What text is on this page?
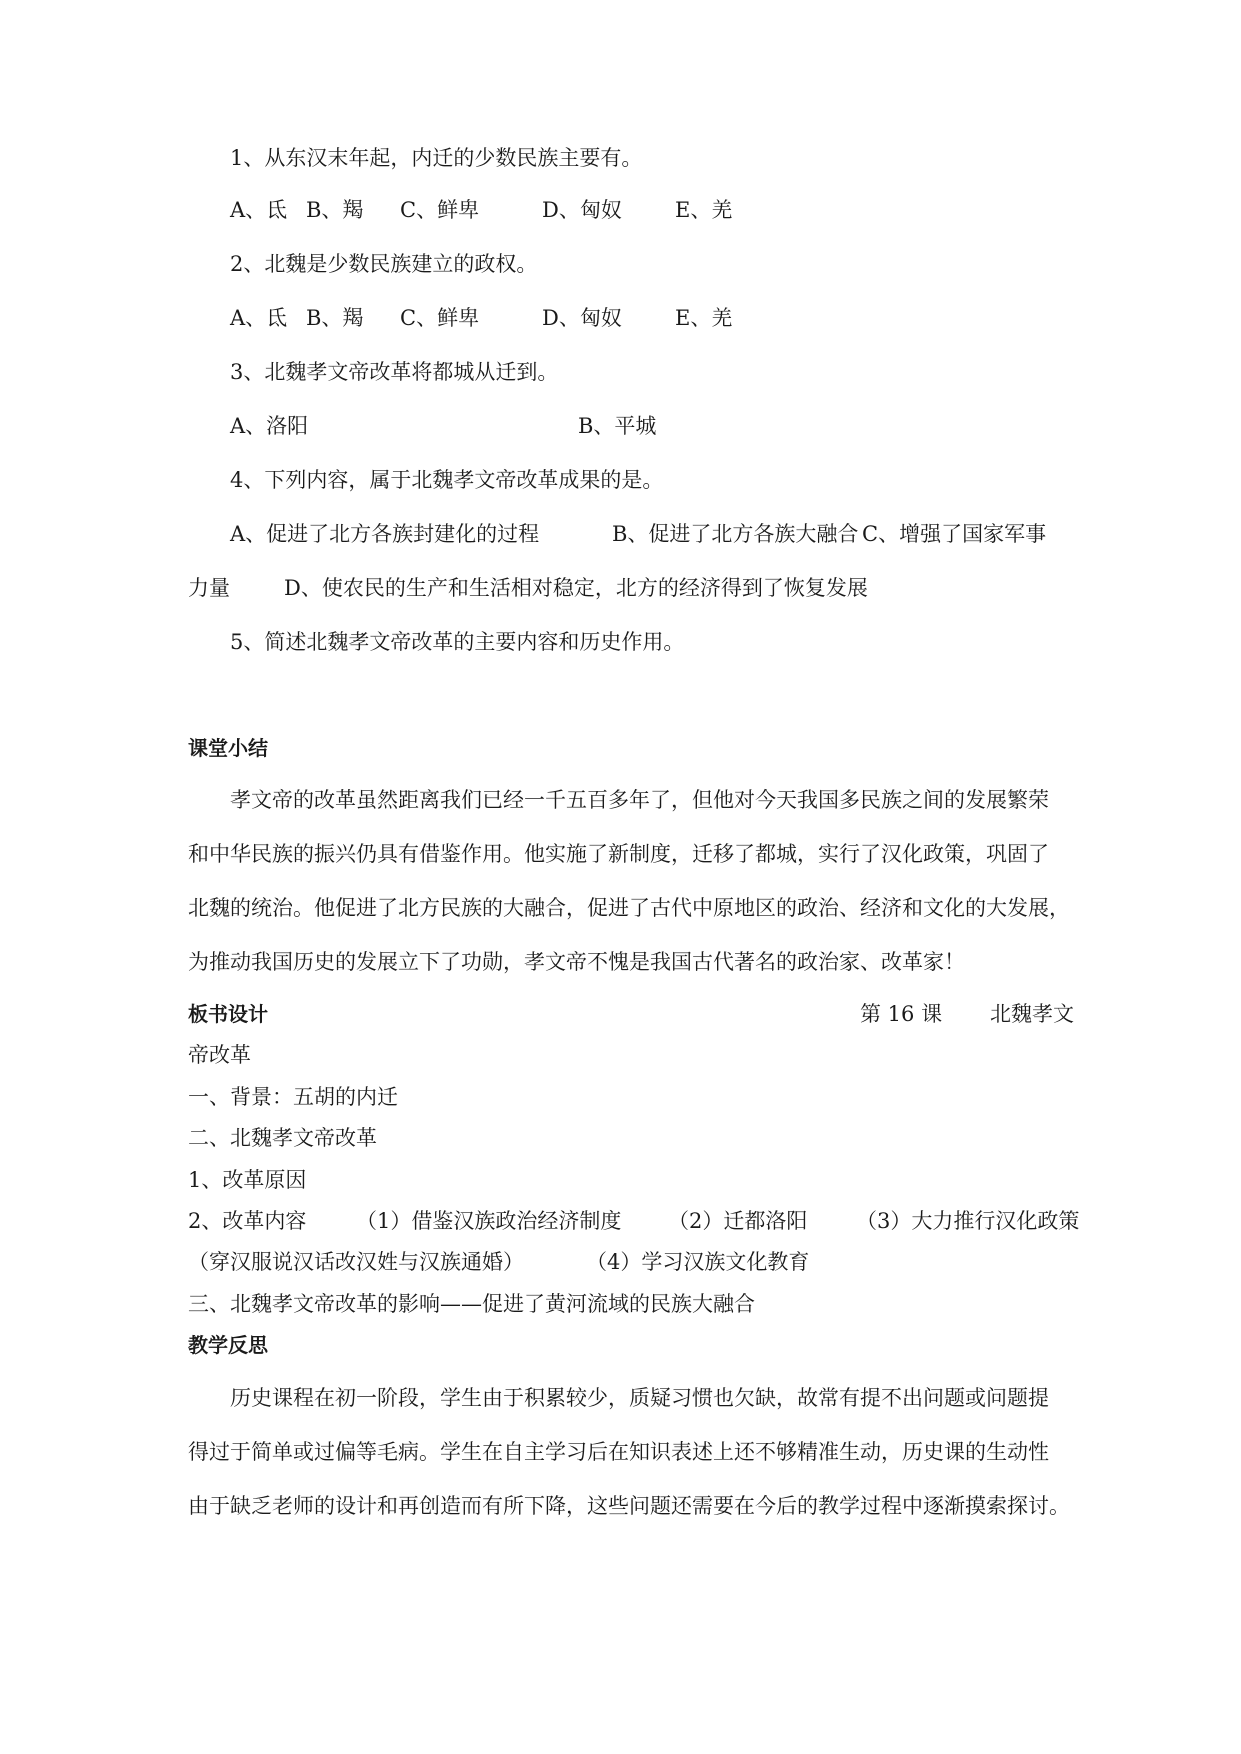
1、从东汉末年起，内迁的少数民族主要有。
A、氐 B、羯 C、鲜卑	D、匈奴	E、羌
2、北魏是少数民族建立的政权。
A、氐 B、羯 C、鲜卑	D、匈奴	E、羌
3、北魏孝文帝改革将都城从迁到。
A、洛阳	B、平城
4、下列内容，属于北魏孝文帝改革成果的是。
A、促进了北方各族封建化的过程	B、促进了北方各族大融合 C、增强了国家军事
力量	D、使农民的生产和生活相对稳定，北方的经济得到了恢复发展
5、简述北魏孝文帝改革的主要内容和历史作用。
课堂小结
孝文帝的改革虽然距离我们已经一千五百多年了，但他对今天我国多民族之间的发展繁荣
和中华民族的振兴仍具有借鉴作用。他实施了新制度，迁移了都城，实行了汉化政策，巩固了
北魏的统治。他促进了北方民族的大融合，促进了古代中原地区的政治、经济和文化的大发展，
为推动我国历史的发展立下了功勋，孝文帝不愧是我国古代著名的政治家、改革家！
板书设计	第 16 课 北魏孝文
帝改革
一、背景：五胡的内迁
二、北魏孝文帝改革
1、改革原因
2、改革内容 （1）借鉴汉族政治经济制度 （2）迁都洛阳 （3）大力推行汉化政策
（穿汉服说汉话改汉姓与汉族通婚）	（4）学习汉族文化教育
三、北魏孝文帝改革的影响——促进了黄河流域的民族大融合
教学反思
历史课程在初一阶段，学生由于积累较少，质疑习惯也欠缺，故常有提不出问题或问题提
得过于简单或过偏等毛病。学生在自主学习后在知识表述上还不够精准生动，历史课的生动性
由于缺乏老师的设计和再创造而有所下降，这些问题还需要在今后的教学过程中逐渐摸索探讨。
